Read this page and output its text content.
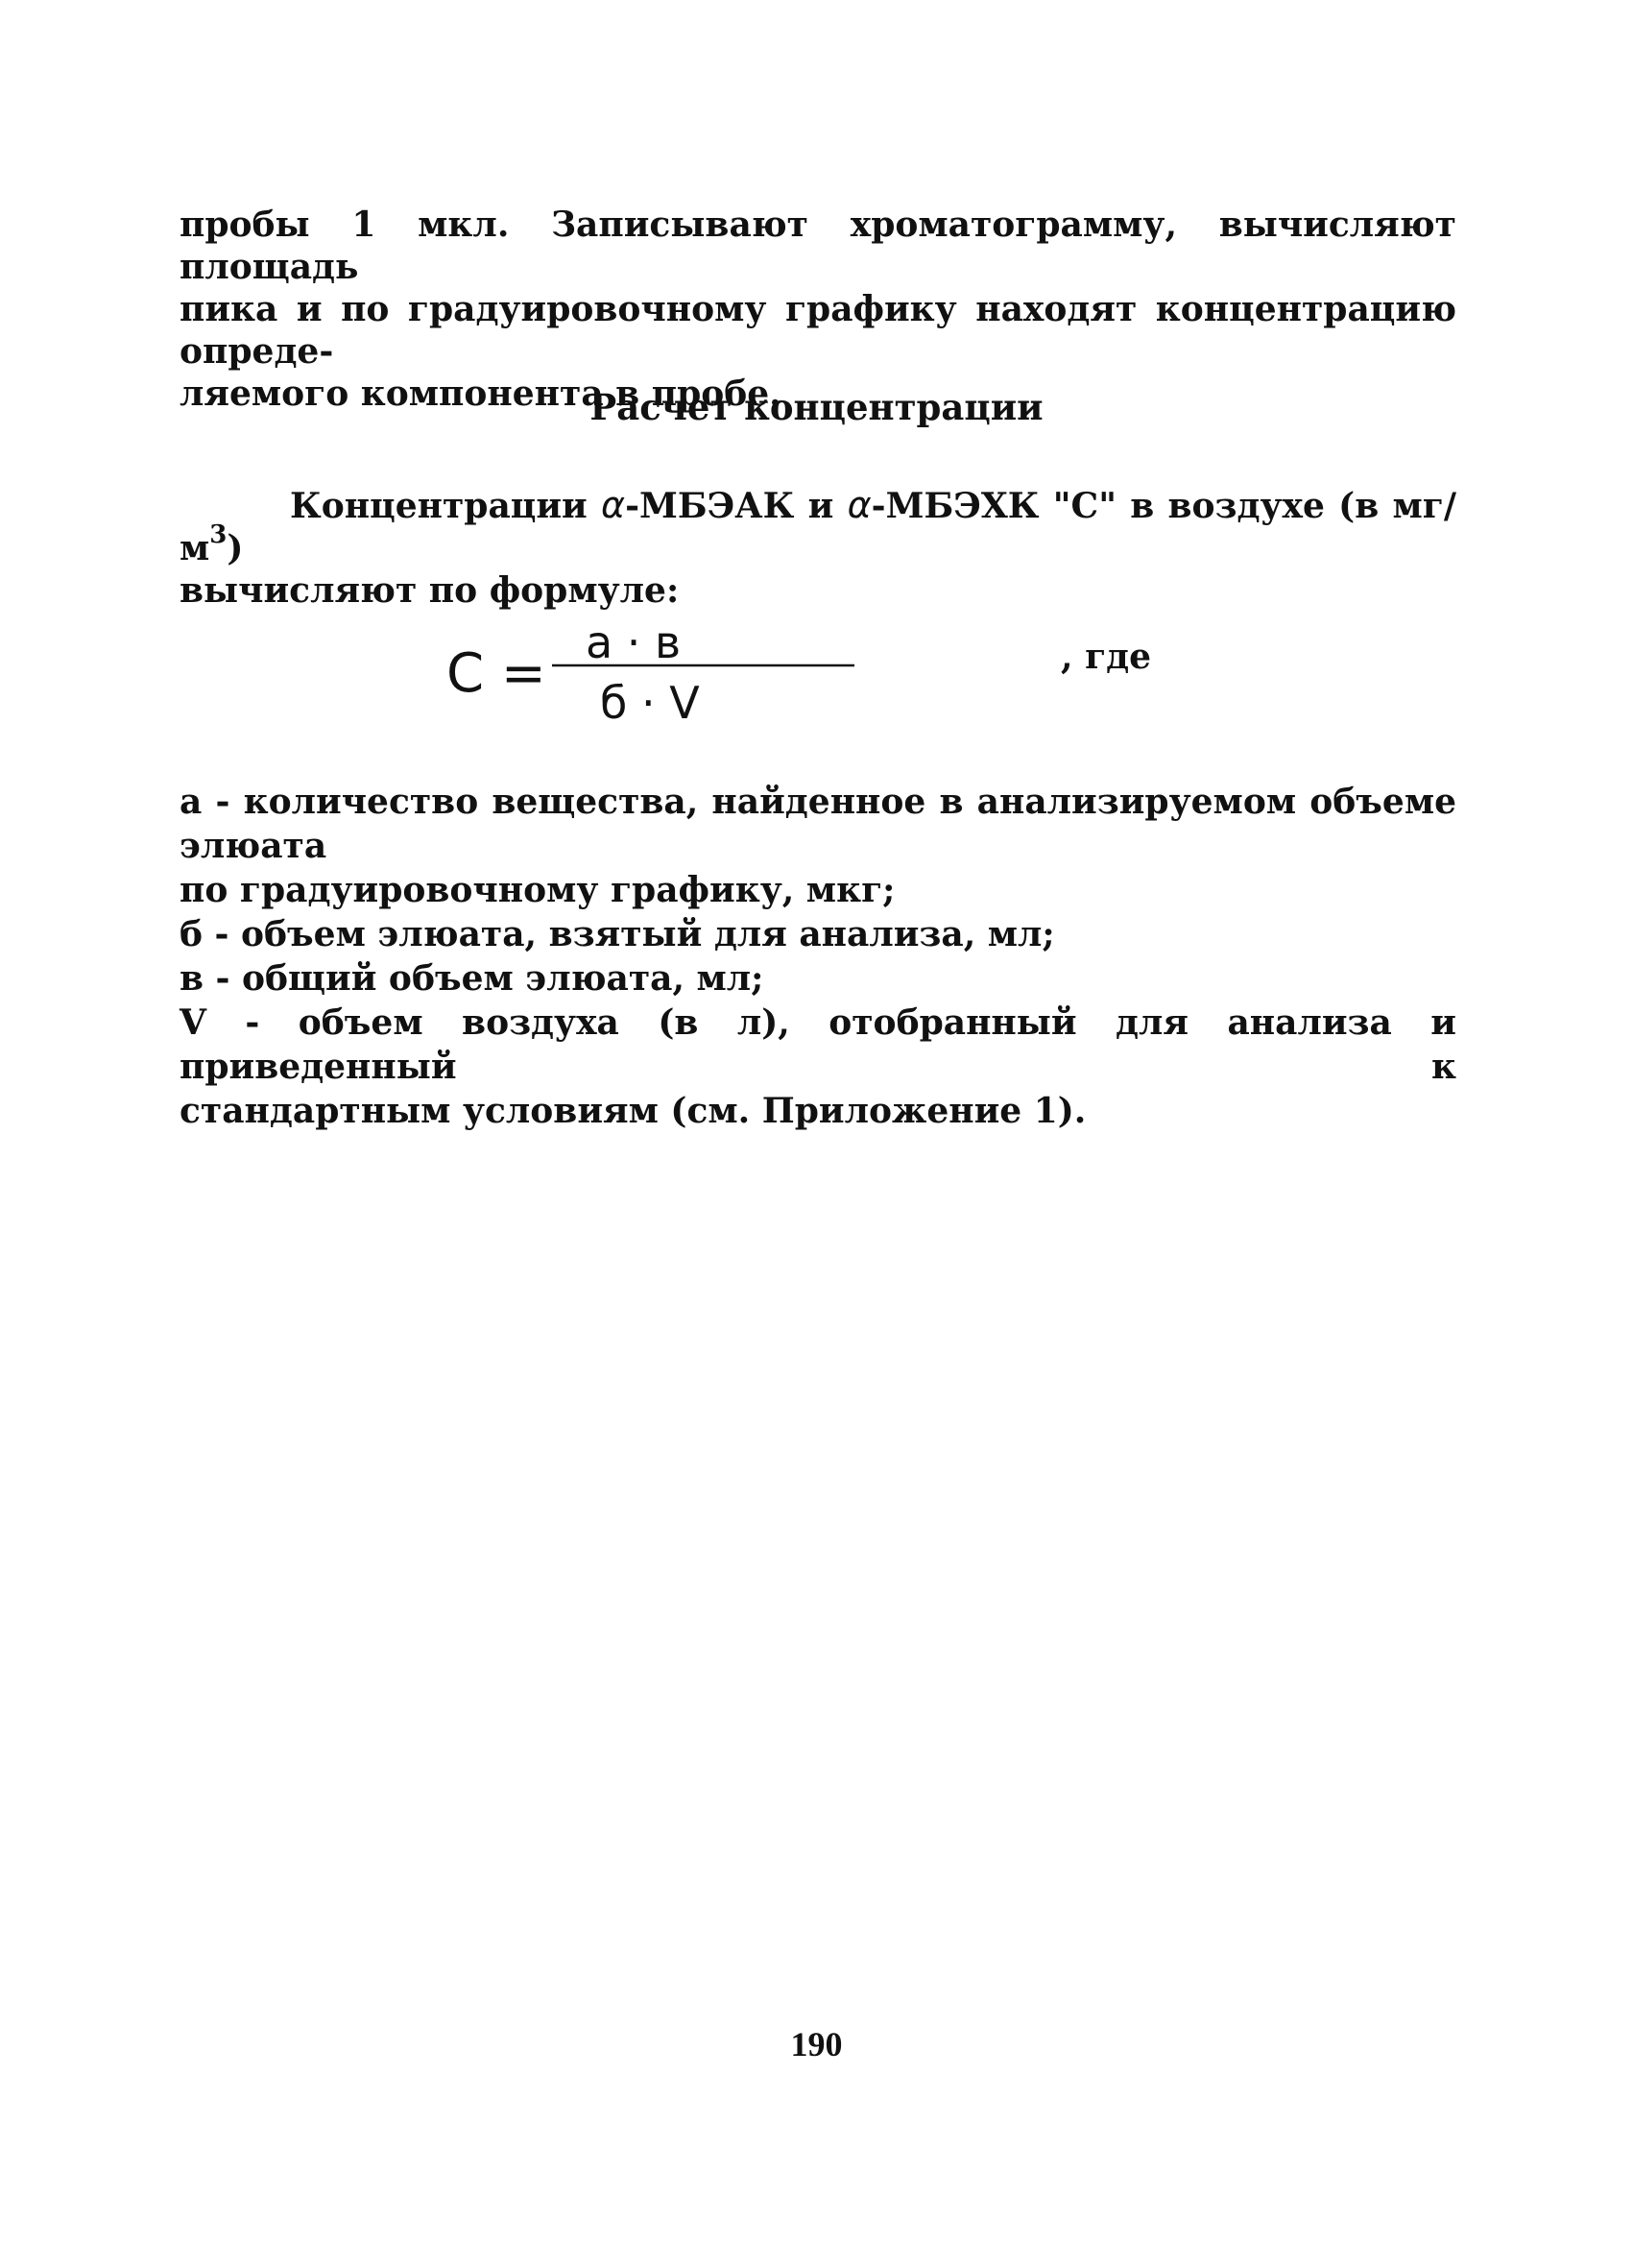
пробы 1 мкл. Записывают хроматограмму, вычисляют площадь
пика и по градуировочному графику находят концентрацию опреде-
ляемого компонента в пробе.
Расчет концентрации
Концентрации α-МБЭАК и α-МБЭХК "С" в воздухе (в $мг/м^3$)
вычисляют по формуле:
C = a · в
б · V
, где
а - количество вещества, найденное в анализируемом объеме элюата
по градуировочному графику, мкг;
б - объем элюата, взятый для анализа, мл;
в - общий объем элюата, мл;
V - объем воздуха (в л), отобранный для анализа и приведенный к
стандартным условиям (см. Приложение 1).
190
